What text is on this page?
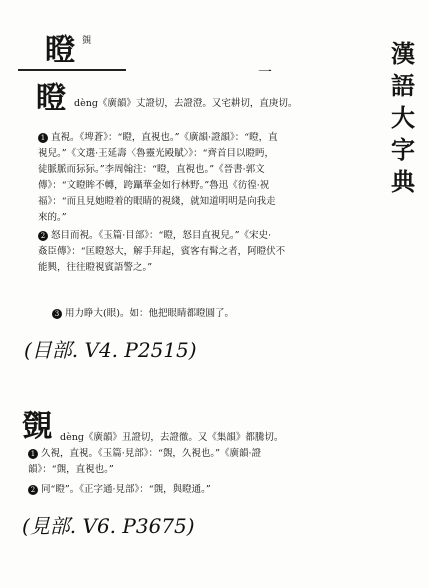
瞪 覴
一
漢
語
大
字
典
瞪 dèng《廣韻》丈證切，去證澄。又宅耕切，直庚切。
1 直視。《埤蒼》：“瞪，直視也。”《廣韻·證韻》：“瞪，直
視兒。”《文選·王延壽〈魯靈光殿賦〉》：“齊首目以瞪眄，
徒脈脈而狋狋。”李周翰注：“瞪，直視也。”《晉書·郭文
傳》：“文瞪眸不轉，跨躡華金如行林野。”魯迅《彷徨·祝
福》：“而且見她瞪着的眼睛的視綫，就知道明明是向我走
來的。”
2 怒目而視。《玉篇·目部》：“瞪，怒目直視兒。”《宋史·
姦臣傳》：“匡瞪怒大，解手拜起，賓客有髯之者，阿瞪伏不
能興，往往瞪視賓語警之。”
3 用力睁大(眼)。如：他把眼睛都瞪圓了。
(目部. V4. P2515)
覴 dèng《廣韻》丑證切，去證徹。又《集韻》都騰切。
1 久視，直視。《玉篇·見部》：“覴，久視也。”《廣韻·證
韻》：“覴，直視也。”
2 同“瞪”。《正字通·見部》：“覴，與瞪通。”
(見部. V6. P3675)
